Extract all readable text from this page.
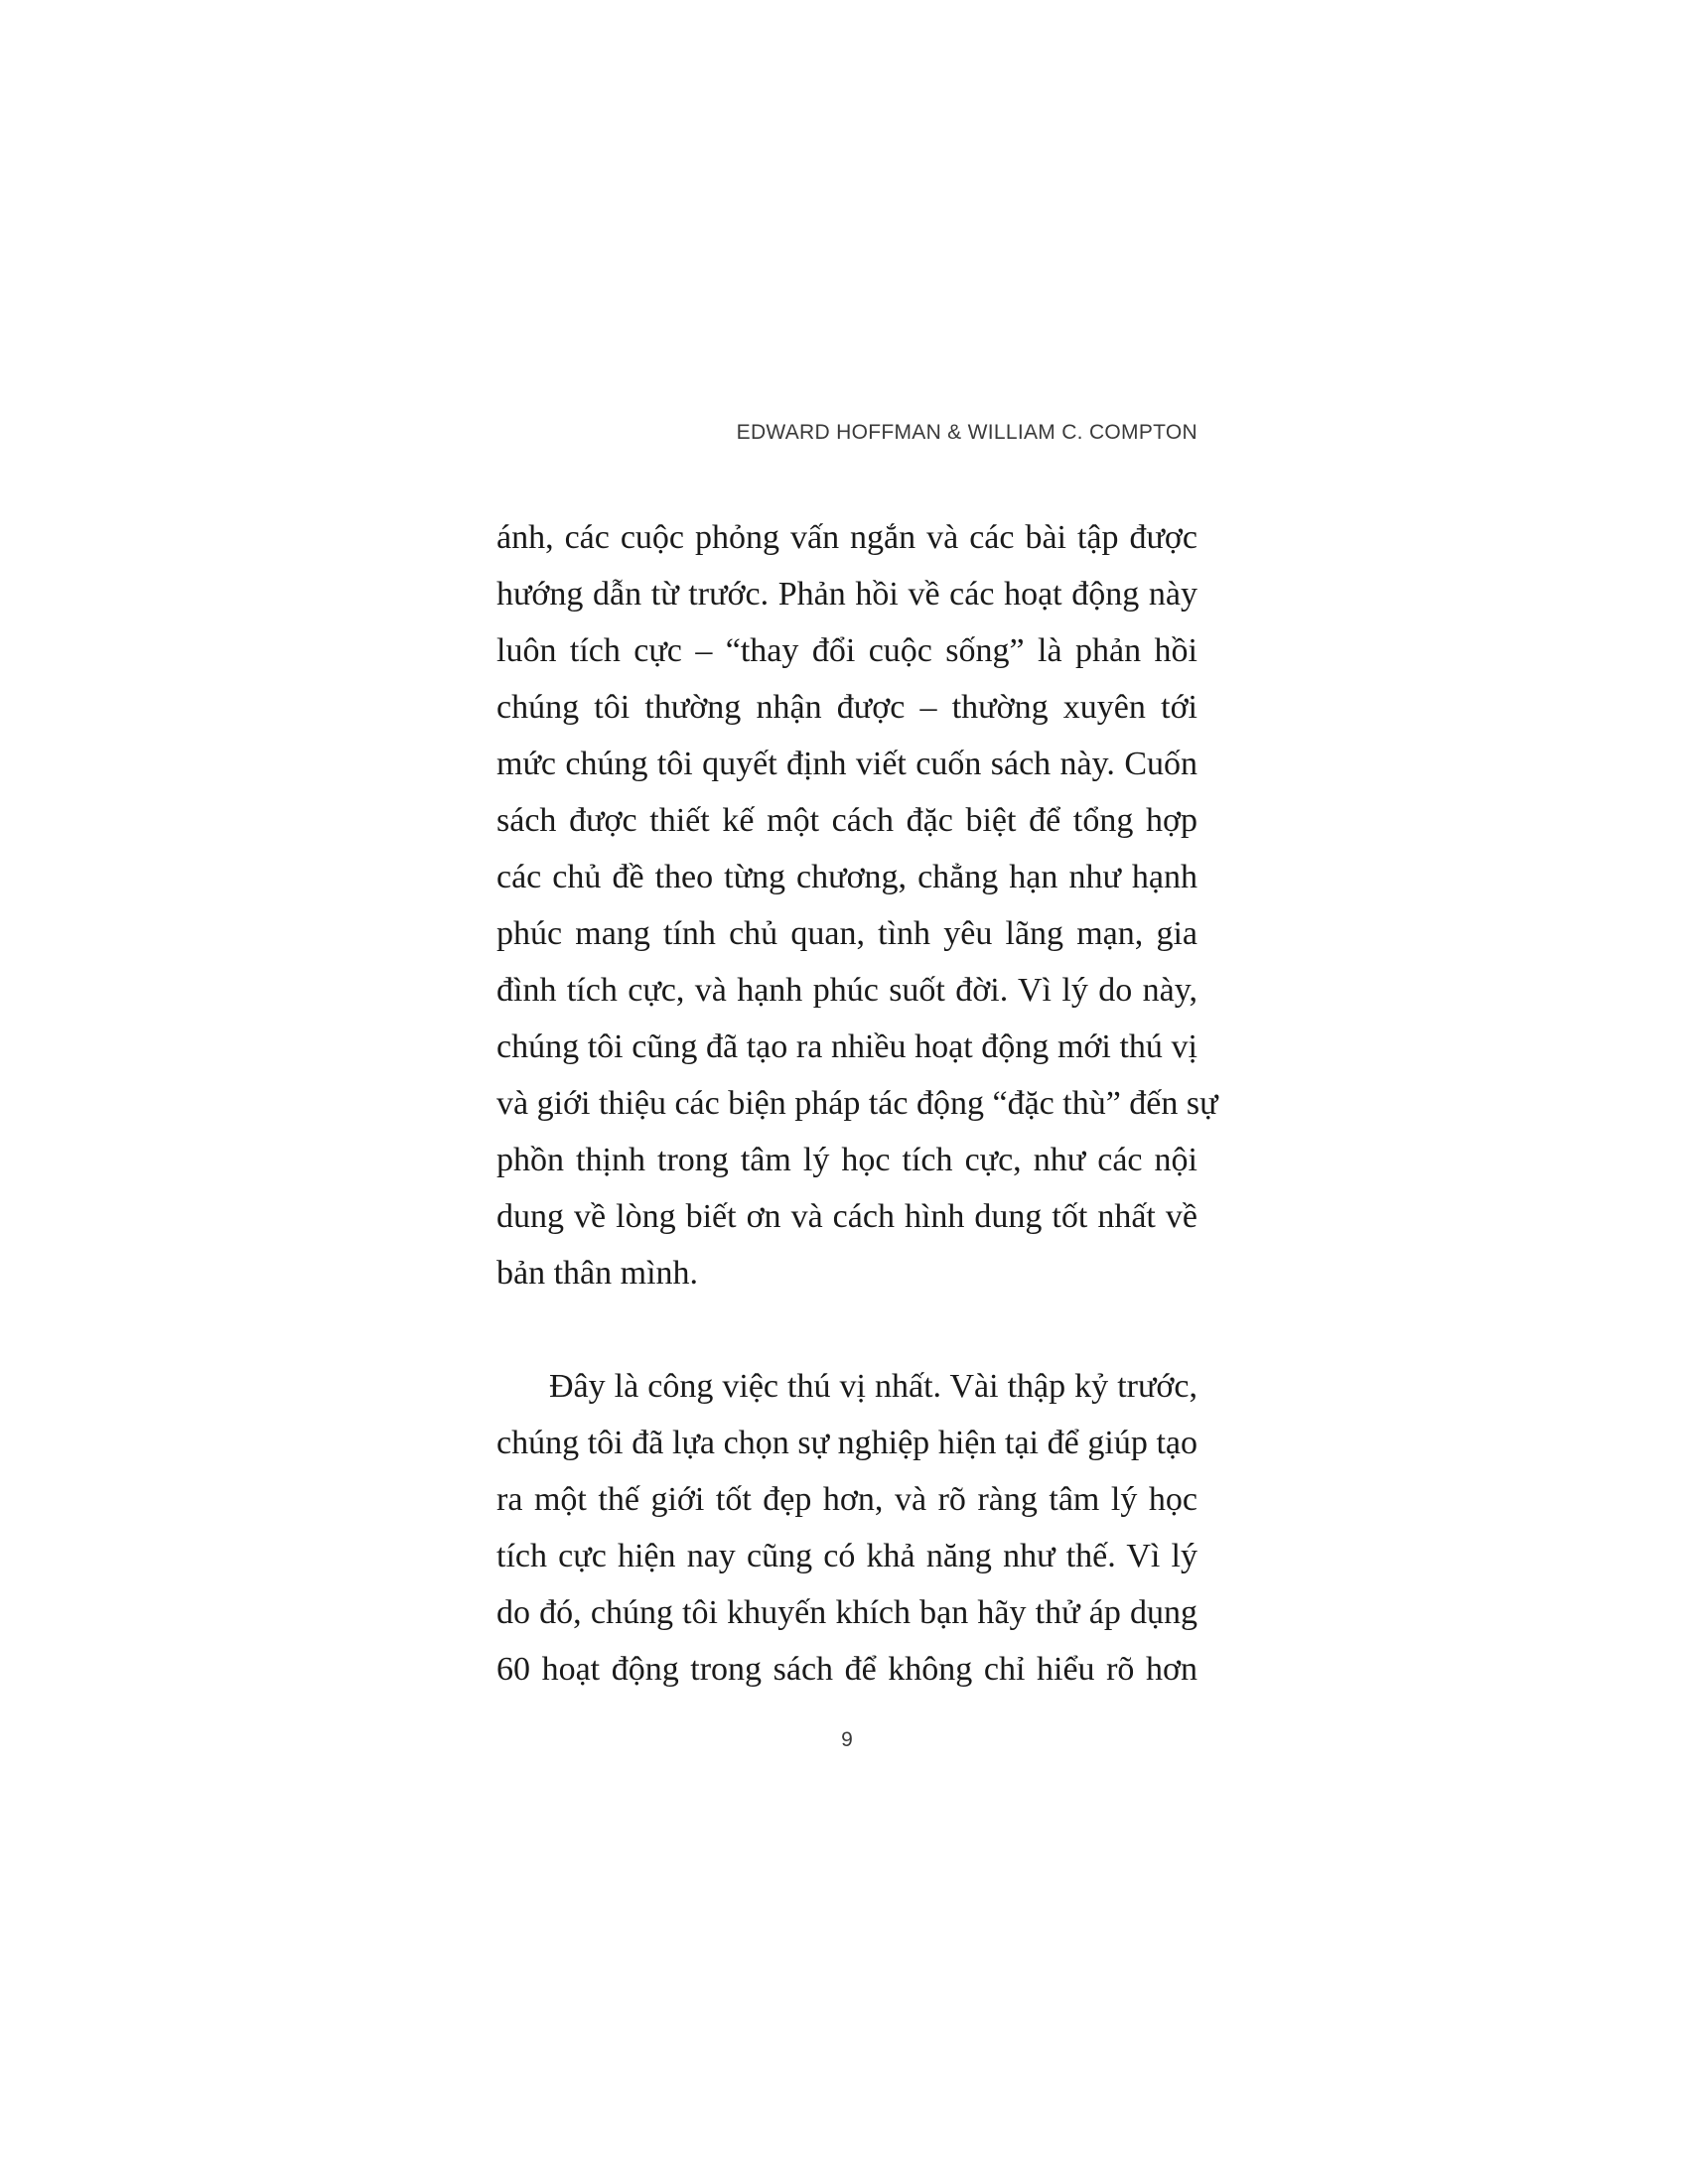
EDWARD HOFFMAN & WILLIAM C. COMPTON

ánh, các cuộc phỏng vấn ngắn và các bài tập được
hướng dẫn từ trước. Phản hồi về các hoạt động này
luôn tích cực – “thay đổi cuộc sống” là phản hồi
chúng tôi thường nhận được – thường xuyên tới
mức chúng tôi quyết định viết cuốn sách này. Cuốn
sách được thiết kế một cách đặc biệt để tổng hợp
các chủ đề theo từng chương, chẳng hạn như hạnh
phúc mang tính chủ quan, tình yêu lãng mạn, gia
đình tích cực, và hạnh phúc suốt đời. Vì lý do này,
chúng tôi cũng đã tạo ra nhiều hoạt động mới thú vị
và giới thiệu các biện pháp tác động “đặc thù” đến sự
phồn thịnh trong tâm lý học tích cực, như các nội
dung về lòng biết ơn và cách hình dung tốt nhất về
bản thân mình.
Đây là công việc thú vị nhất. Vài thập kỷ trước,
chúng tôi đã lựa chọn sự nghiệp hiện tại để giúp tạo
ra một thế giới tốt đẹp hơn, và rõ ràng tâm lý học
tích cực hiện nay cũng có khả năng như thế. Vì lý
do đó, chúng tôi khuyến khích bạn hãy thử áp dụng
60 hoạt động trong sách để không chỉ hiểu rõ hơn

9
